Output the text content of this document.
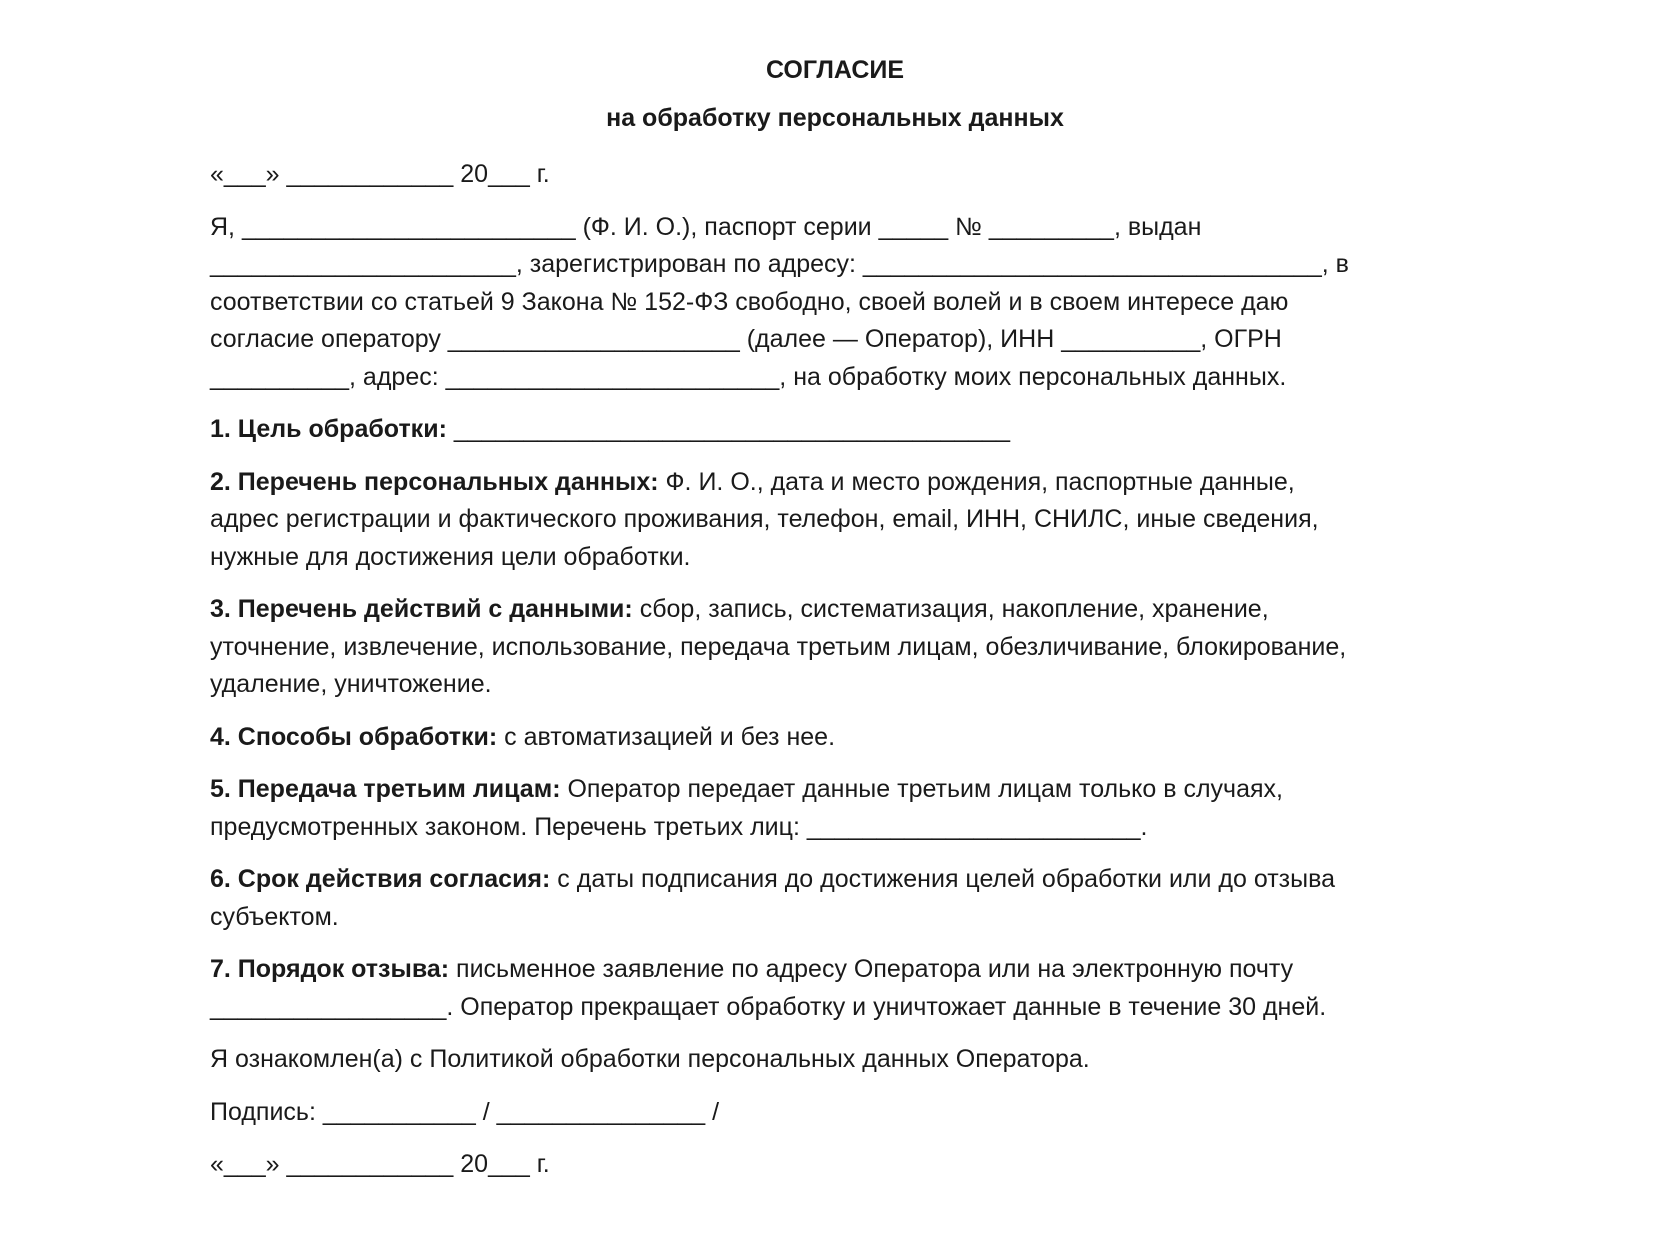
СОГЛАСИЕ
на обработку персональных данных
«___» ____________ 20___ г.
Я, ________________________ (Ф. И. О.), паспорт серии _____ № _________, выдан
______________________, зарегистрирован по адресу: _________________________________, в
соответствии со статьей 9 Закона № 152-ФЗ свободно, своей волей и в своем интересе даю
согласие оператору _____________________ (далее — Оператор), ИНН __________, ОГРН
__________, адрес: ________________________, на обработку моих персональных данных.
1. Цель обработки: ________________________________________
2. Перечень персональных данных: Ф. И. О., дата и место рождения, паспортные данные,
адрес регистрации и фактического проживания, телефон, email, ИНН, СНИЛС, иные сведения,
нужные для достижения цели обработки.
3. Перечень действий с данными: сбор, запись, систематизация, накопление, хранение,
уточнение, извлечение, использование, передача третьим лицам, обезличивание, блокирование,
удаление, уничтожение.
4. Способы обработки: с автоматизацией и без нее.
5. Передача третьим лицам: Оператор передает данные третьим лицам только в случаях,
предусмотренных законом. Перечень третьих лиц: ________________________.
6. Срок действия согласия: с даты подписания до достижения целей обработки или до отзыва
субъектом.
7. Порядок отзыва: письменное заявление по адресу Оператора или на электронную почту
_________________. Оператор прекращает обработку и уничтожает данные в течение 30 дней.
Я ознакомлен(а) с Политикой обработки персональных данных Оператора.
Подпись: ___________ / _______________ /
«___» ____________ 20___ г.
